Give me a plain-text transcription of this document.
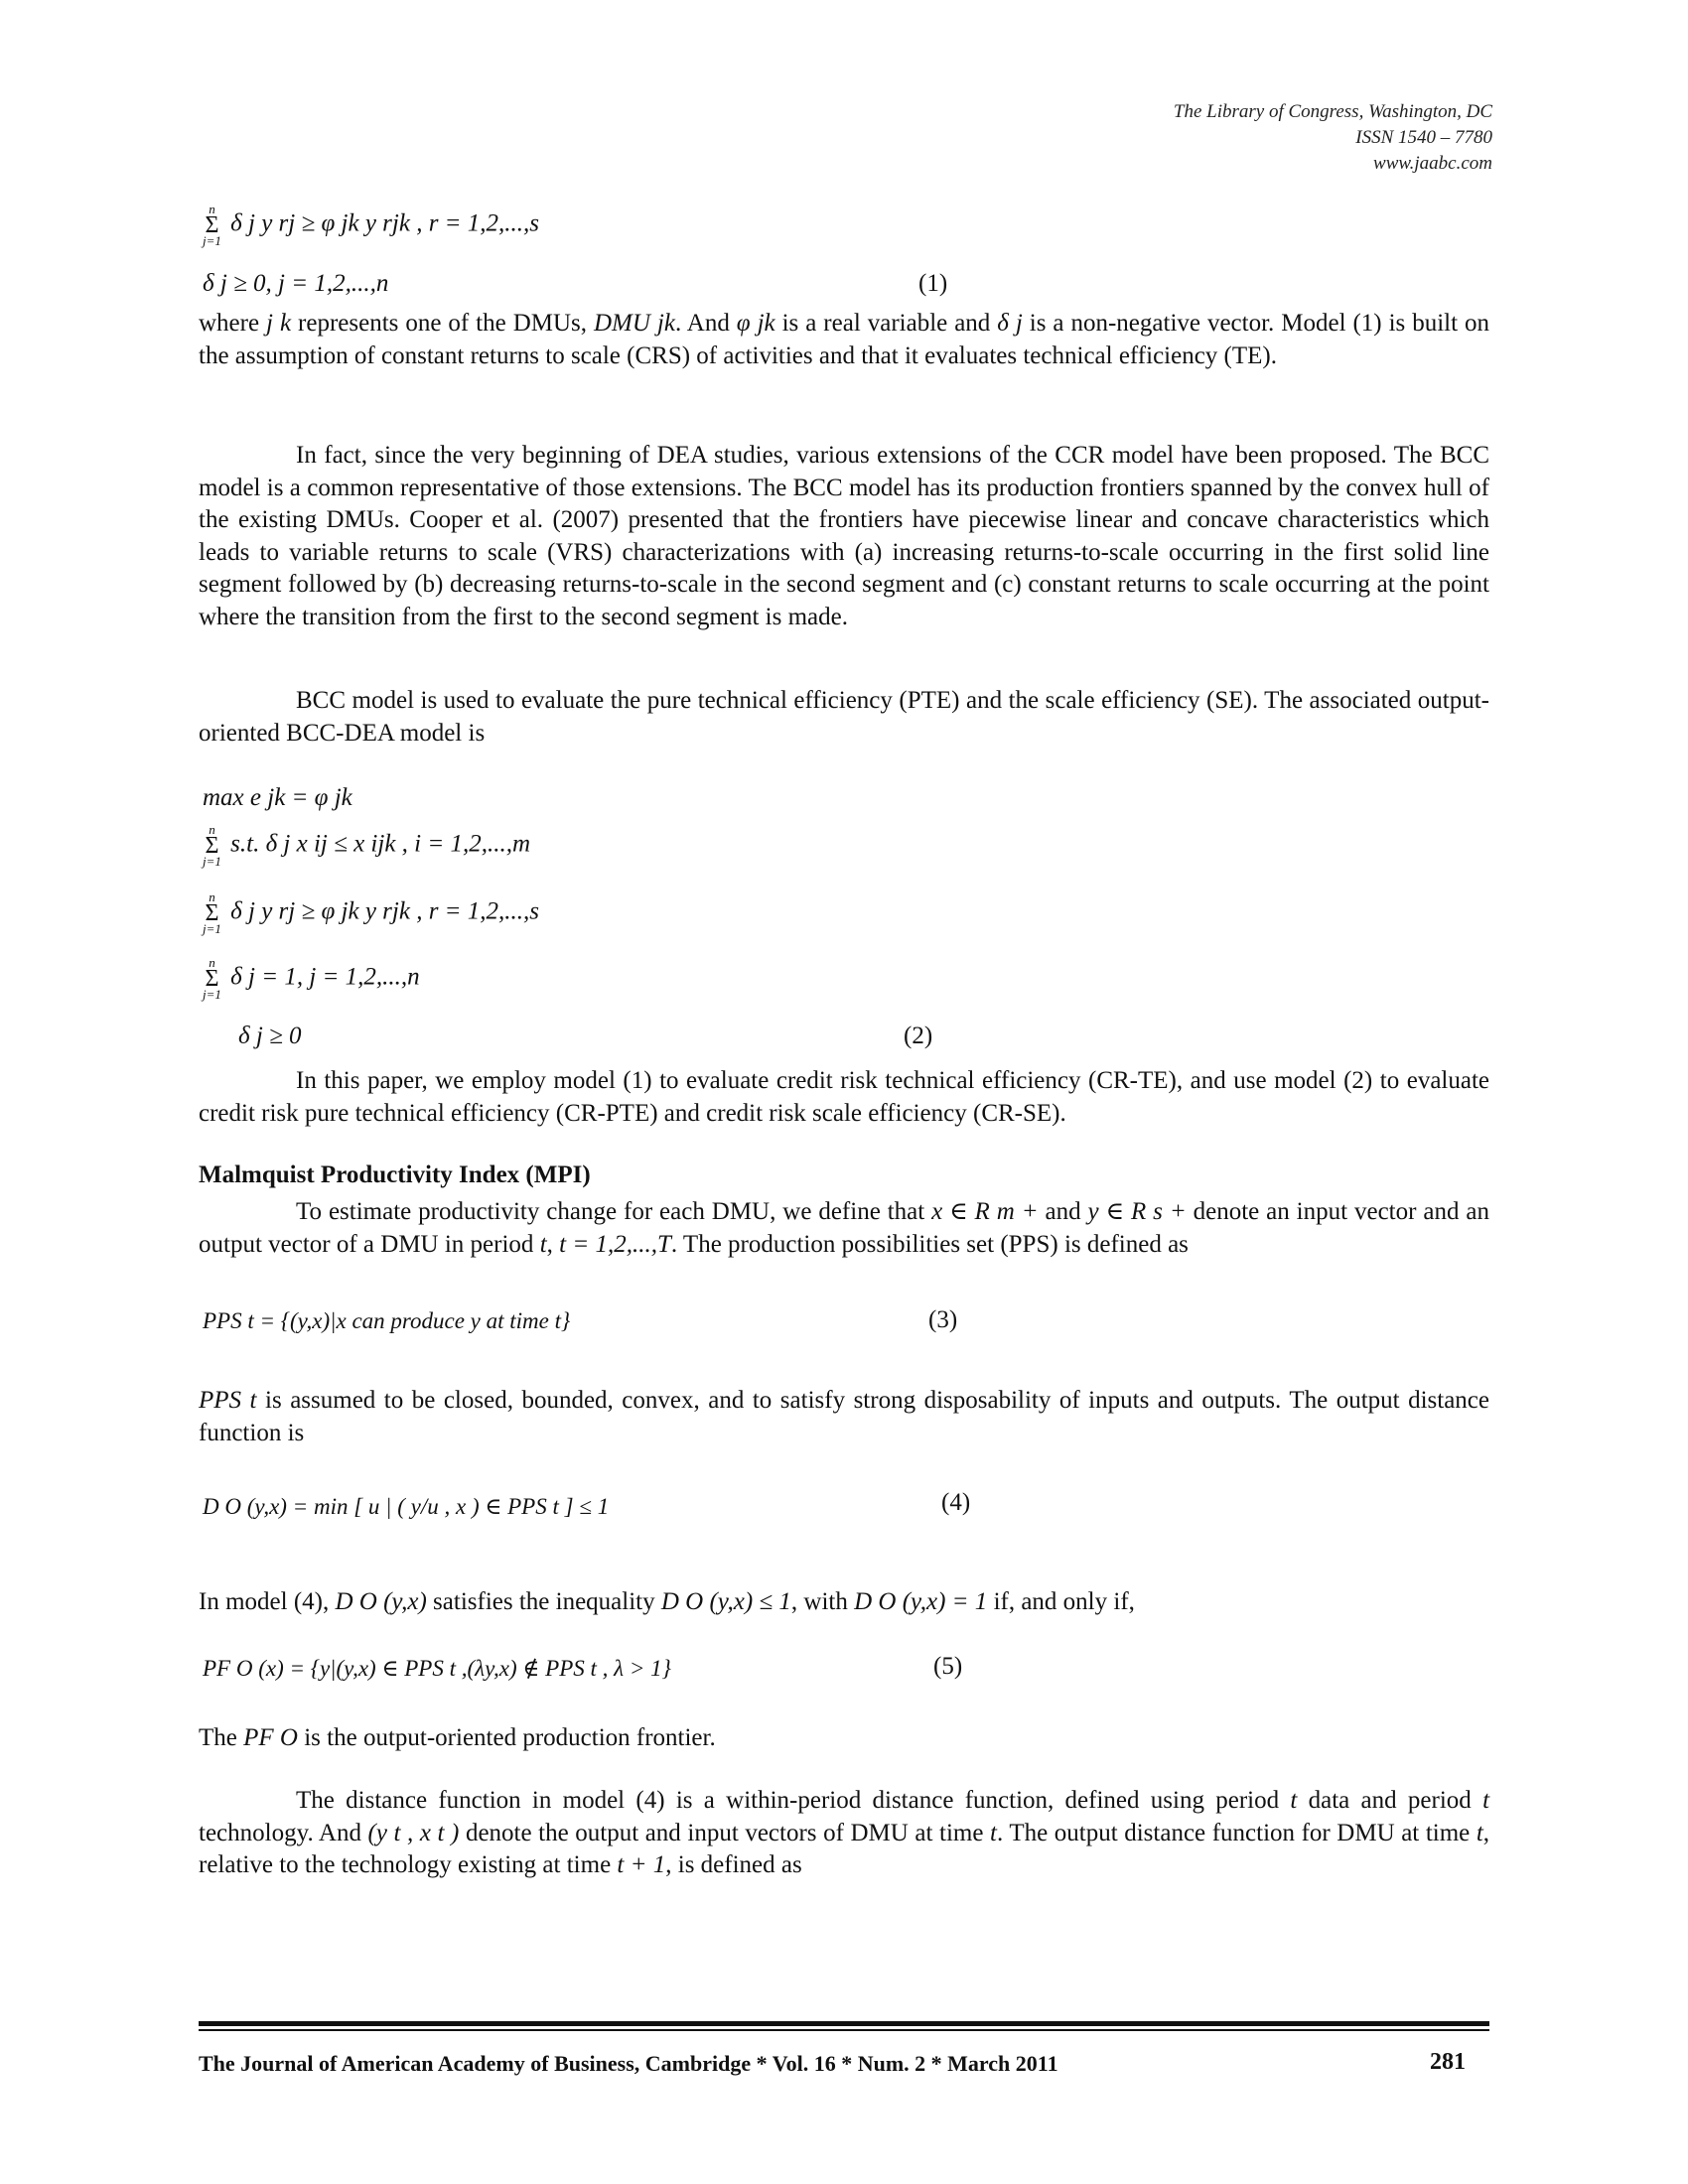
The Library of Congress, Washington, DC
ISSN 1540 – 7780
www.jaabc.com
n
Σ
j=1
δ j y rj ≥ φ jk y rjk , r = 1,2,...,s
δ j ≥ 0, j = 1,2,...,n	(1)
where j k represents one of the DMUs, DMU jk. And φ jk is a real variable and δ j is a non-negative vector. Model (1) is built on the assumption of constant returns to scale (CRS) of activities and that it evaluates technical efficiency (TE).
In fact, since the very beginning of DEA studies, various extensions of the CCR model have been proposed. The BCC model is a common representative of those extensions. The BCC model has its production frontiers spanned by the convex hull of the existing DMUs. Cooper et al. (2007) presented that the frontiers have piecewise linear and concave characteristics which leads to variable returns to scale (VRS) characterizations with (a) increasing returns-to-scale occurring in the first solid line segment followed by (b) decreasing returns-to-scale in the second segment and (c) constant returns to scale occurring at the point where the transition from the first to the second segment is made.
BCC model is used to evaluate the pure technical efficiency (PTE) and the scale efficiency (SE). The associated output-oriented BCC-DEA model is
max e jk = φ jk
n
Σ
j=1
s.t. δ j x ij ≤ x ijk , i = 1,2,...,m
n
Σ
j=1
δ j y rj ≥ φ jk y rjk , r = 1,2,...,s
n
Σ
j=1
δ j = 1, j = 1,2,...,n
δ j ≥ 0	(2)
In this paper, we employ model (1) to evaluate credit risk technical efficiency (CR-TE), and use model (2) to evaluate credit risk pure technical efficiency (CR-PTE) and credit risk scale efficiency (CR-SE).
Malmquist Productivity Index (MPI)
To estimate productivity change for each DMU, we define that x ∈ R m + and y ∈ R s + denote an input vector and an output vector of a DMU in period t, t = 1,2,...,T. The production possibilities set (PPS) is defined as
PPS t = {(y,x)|x can produce y at time t}	(3)
PPS t is assumed to be closed, bounded, convex, and to satisfy strong disposability of inputs and outputs. The output distance function is
D O (y,x) = min [ u | ( y/u , x ) ∈ PPS t ] ≤ 1	(4)
In model (4), D O (y,x) satisfies the inequality D O (y,x) ≤ 1, with D O (y,x) = 1 if, and only if,
PF O (x) = {y|(y,x) ∈ PPS t ,(λy,x) ∉ PPS t , λ > 1}	(5)
The PF O is the output-oriented production frontier.
The distance function in model (4) is a within-period distance function, defined using period t data and period t technology. And (y t , x t ) denote the output and input vectors of DMU at time t. The output distance function for DMU at time t, relative to the technology existing at time t + 1, is defined as
The Journal of American Academy of Business, Cambridge * Vol. 16 * Num. 2 * March 2011	281
